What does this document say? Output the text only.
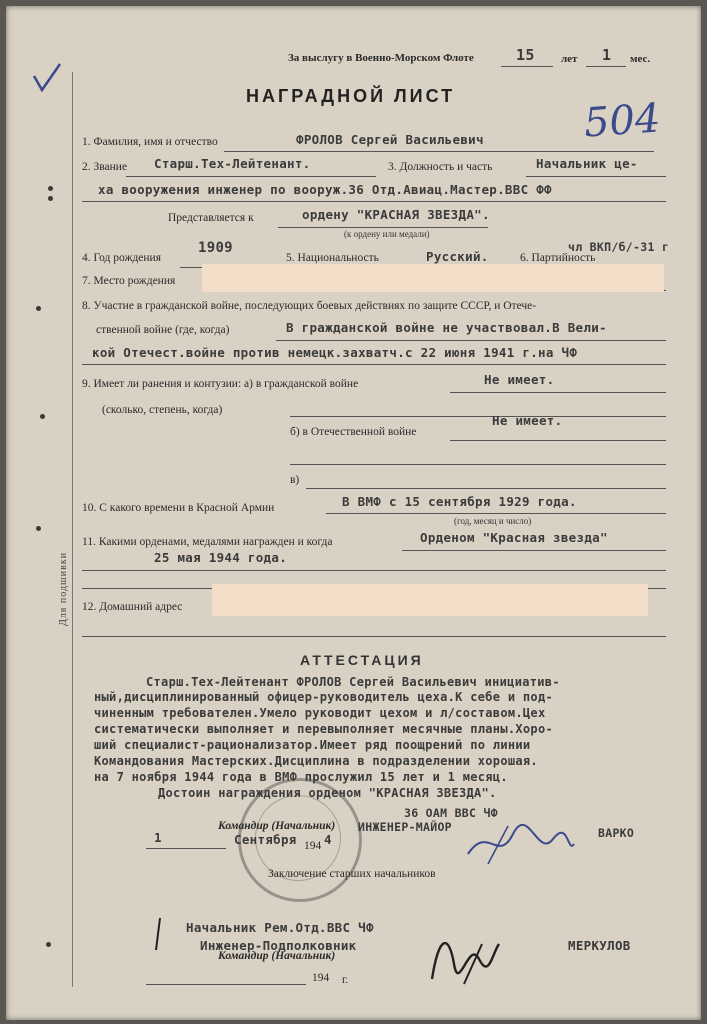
Для подшивки
За выслугу в Военно-Морском Флоте	15 лет 1 мес.
НАГРАДНОЙ ЛИСТ	504
1. Фамилия, имя и отчество	ФРОЛОВ Сергей Васильевич
2. Звание Старш.Тех-Лейтенант.	3. Должность и часть	Начальник це-
ха вооружения инженер по вооруж.36 Отд.Авиац.Мастер.ВВС ФФ
Представляется к	ордену "КРАСНАЯ ЗВЕЗДА".
(к ордену или медали)
4. Год рождения
1909
5. Национальность	Русский.	6. Партийность
чл ВКП/б/-31 г
7. Место рождения
8. Участие в гражданской войне, последующих боевых действиях по защите СССР, и Отече-
ственной войне (где, когда)	В гражданской войне не участвовал.В Вели-
кой Отечест.войне против немецк.захватч.с 22 июня 1941 г.на ЧФ
9. Имеет ли ранения и контузии: а) в гражданской войне	Не имеет.
(сколько, степень, когда)
Не имеет.
б) в Отечественной войне
в)
10. С какого времени в Красной Армии	В ВМФ с 15 сентября 1929 года.
(год, месяц и число)
11. Какими орденами, медалями награжден и когда	Орденом "Красная звезда"
25 мая 1944 года.
12. Домашний адрес
АТТЕСТАЦИЯ
Старш.Тех-Лейтенант ФРОЛОВ Сергей Васильевич инициатив-
ный,дисциплинированный офицер-руководитель цеха.К себе и под-
чиненным требователен.Умело руководит цехом и л/составом.Цех
систематически выполняет и перевыполняет месячные планы.Хоро-
ший специалист-рационализатор.Имеет ряд поощрений по линии
Командования Мастерских.Дисциплина в подразделении хорошая.
на 7 ноября 1944 года в ВМФ прослужил 15 лет и 1 месяц.
Достоин награждения орденом "КРАСНАЯ ЗВЕЗДА".
36 ОАМ ВВС ЧФ
Командир (Начальник) ИНЖЕНЕР-МАЙОР	ВАРКО
1	Сентября 194 4
Заключение старших начальников
Начальник Рем.Отд.ВВС ЧФ
Инженер-Подполковник
Командир (Начальник)
МЕРКУЛОВ
194 г.
